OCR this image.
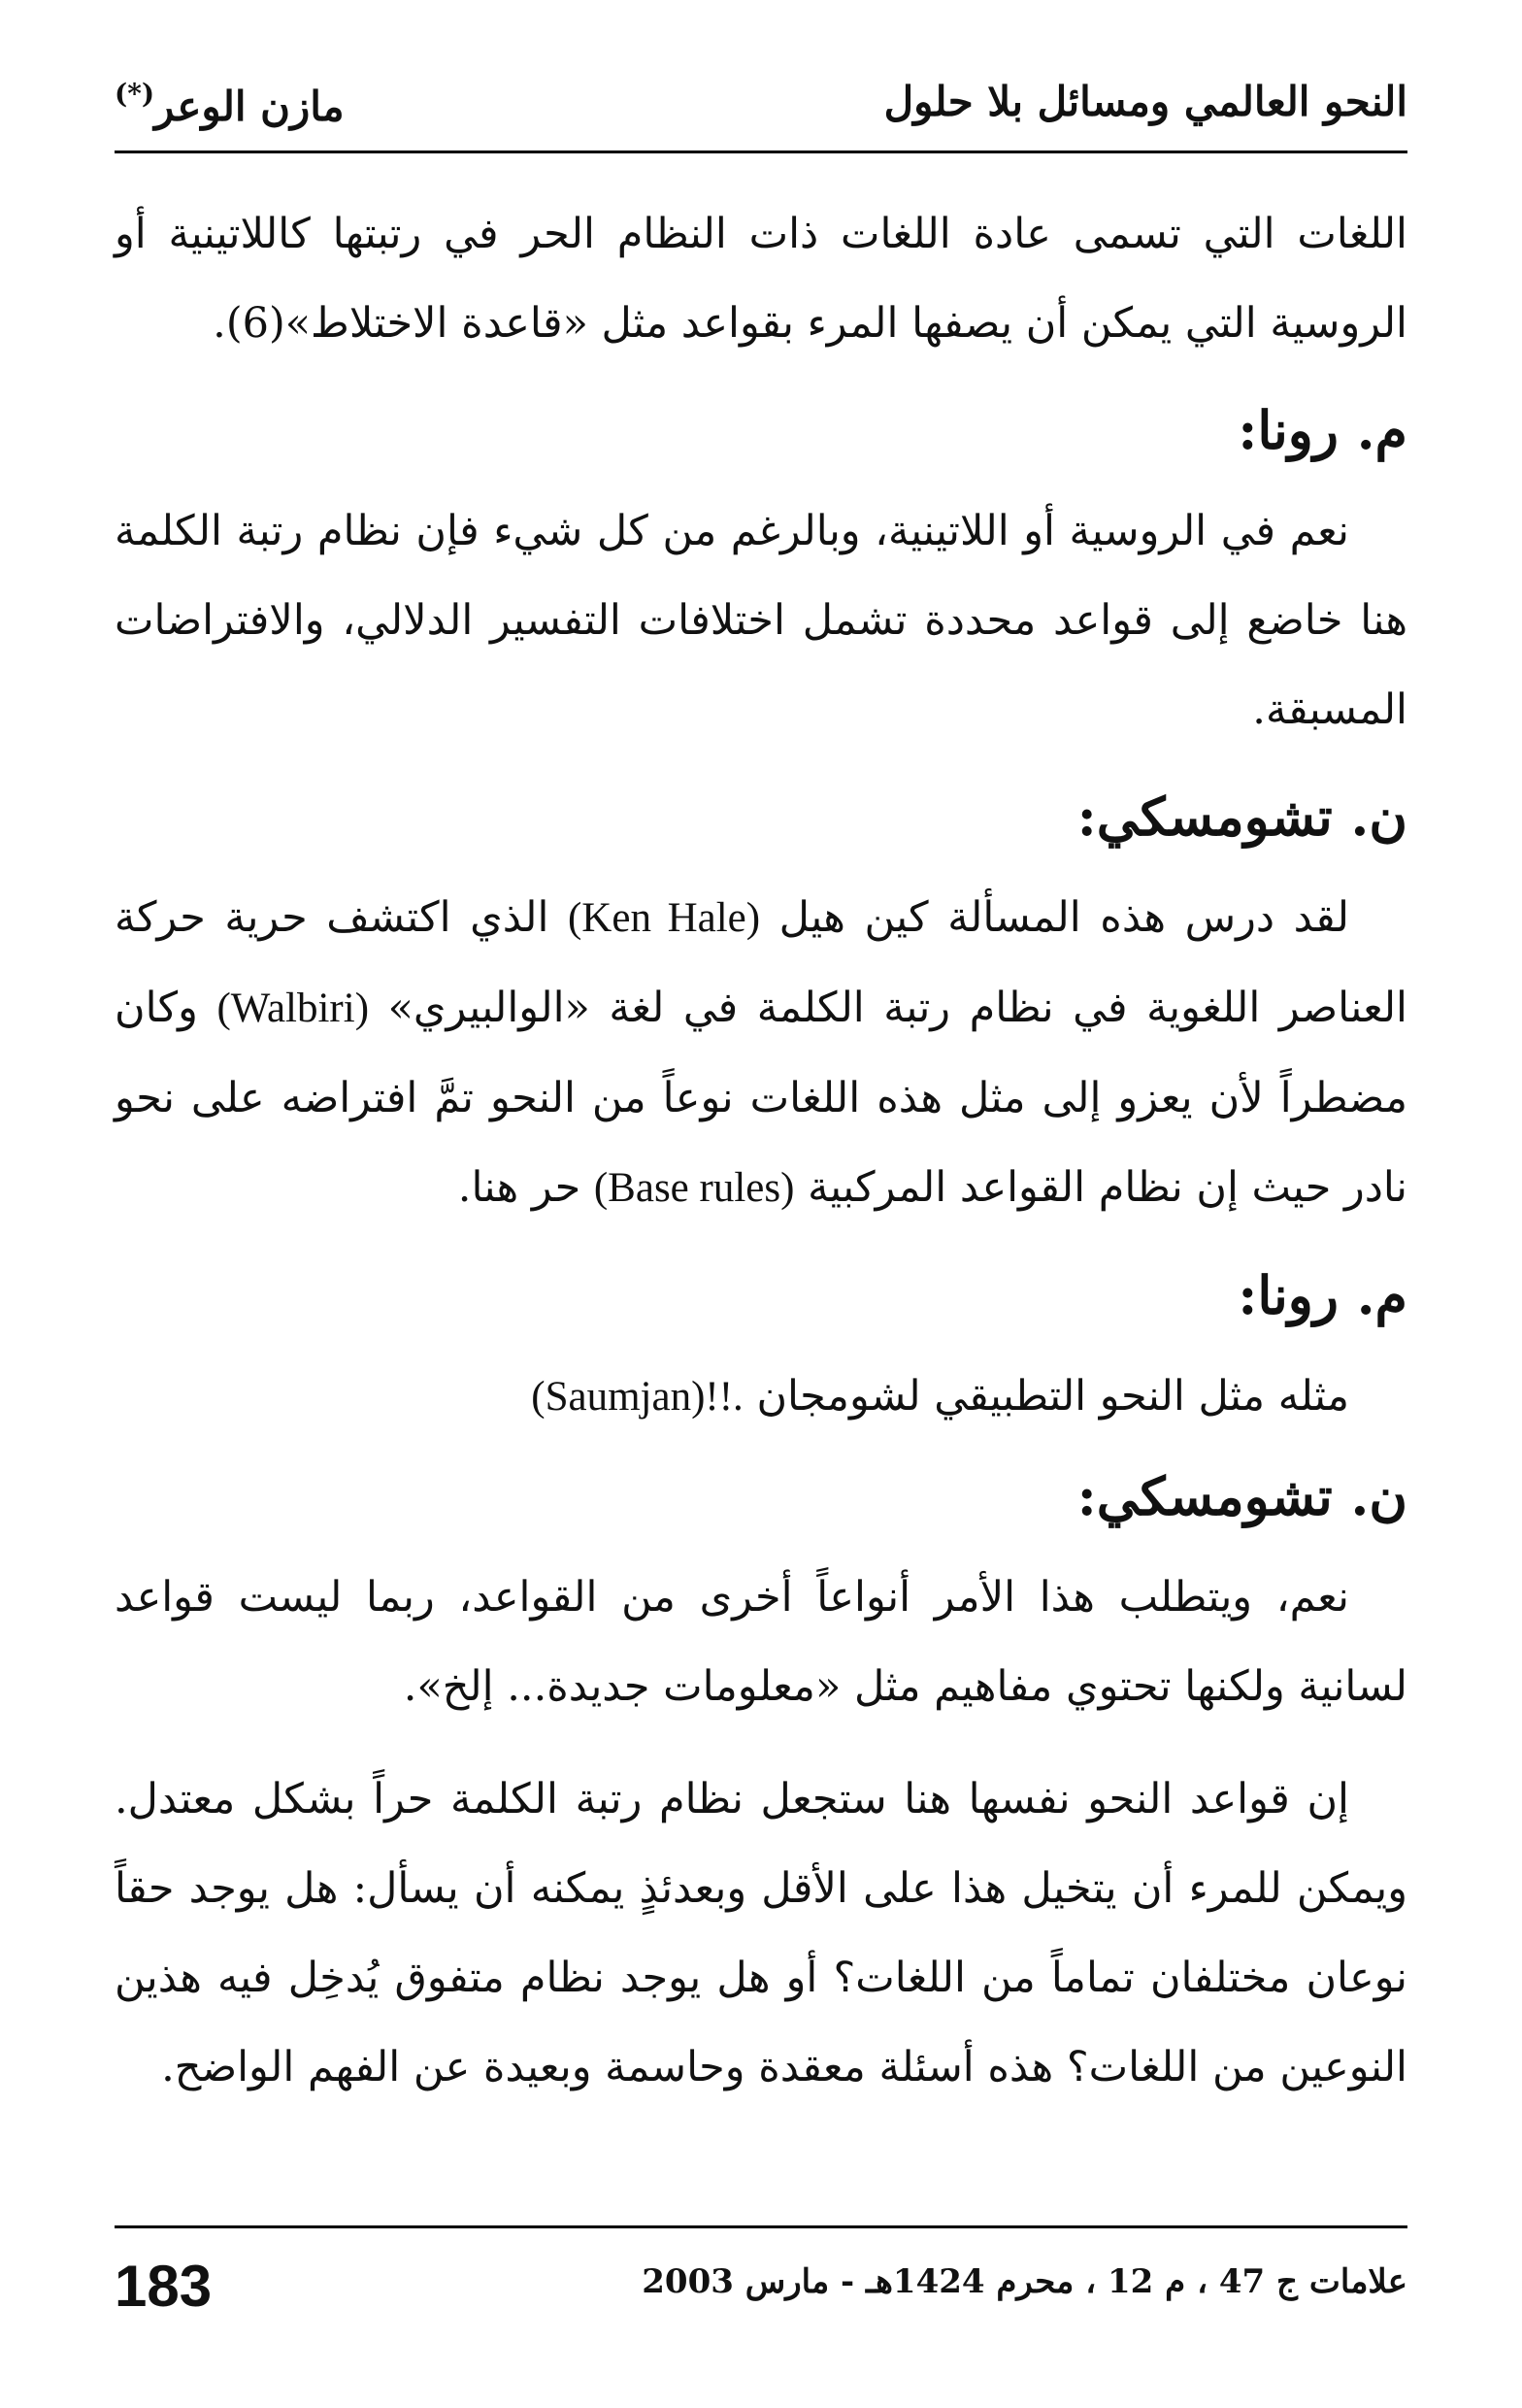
النحو العالمي ومسائل بلا حلول
مازن الوعر(*)

اللغات التي تسمى عادة اللغات ذات النظام الحر في رتبتها كاللاتينية أو الروسية التي يمكن أن يصفها المرء بقواعد مثل «قاعدة الاختلاط»(6).

م. رونا:

نعم في الروسية أو اللاتينية، وبالرغم من كل شيء فإن نظام رتبة الكلمة هنا خاضع إلى قواعد محددة تشمل اختلافات التفسير الدلالي، والافتراضات المسبقة.

ن. تشومسكي:

لقد درس هذه المسألة كين هيل (Ken Hale) الذي اكتشف حرية حركة العناصر اللغوية في نظام رتبة الكلمة في لغة «الوالبيري» (Walbiri) وكان مضطراً لأن يعزو إلى مثل هذه اللغات نوعاً من النحو تمَّ افتراضه على نحو نادر حيث إن نظام القواعد المركبية (Base rules) حر هنا.

م. رونا:

مثله مثل النحو التطبيقي لشومجان (Saumjan)!!.

ن. تشومسكي:

نعم، ويتطلب هذا الأمر أنواعاً أخرى من القواعد، ربما ليست قواعد لسانية ولكنها تحتوي مفاهيم مثل «معلومات جديدة... إلخ».

إن قواعد النحو نفسها هنا ستجعل نظام رتبة الكلمة حراً بشكل معتدل. ويمكن للمرء أن يتخيل هذا على الأقل وبعدئذٍ يمكنه أن يسأل: هل يوجد حقاً نوعان مختلفان تماماً من اللغات؟ أو هل يوجد نظام متفوق يُدخِل فيه هذين النوعين من اللغات؟ هذه أسئلة معقدة وحاسمة وبعيدة عن الفهم الواضح.

علامات ج 47 ، م 12 ، محرم 1424هـ - مارس 2003
183
